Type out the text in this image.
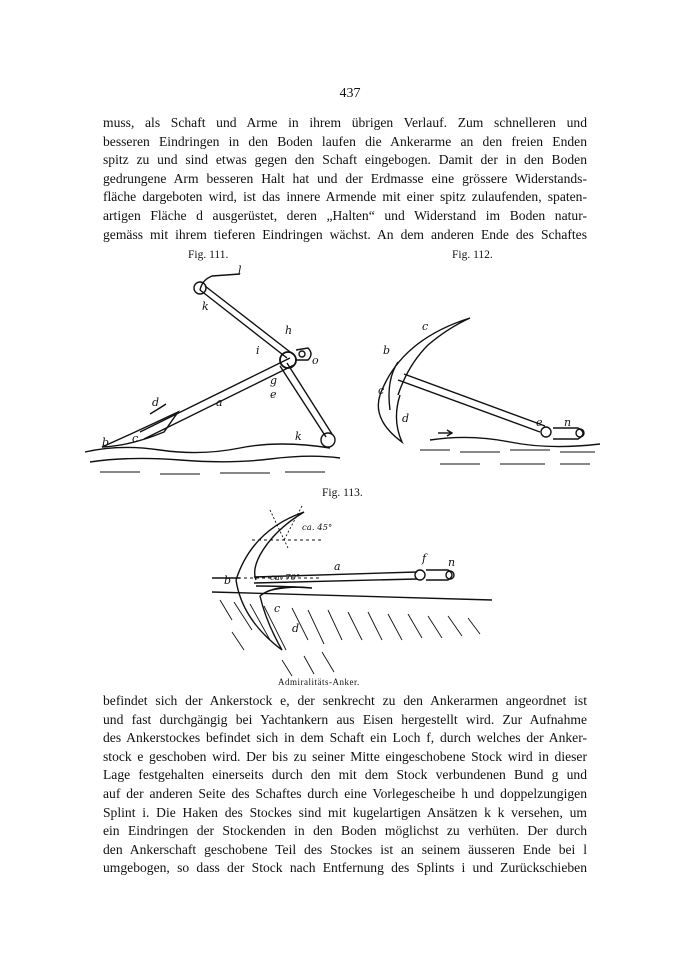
437
muss, als Schaft und Arme in ihrem übrigen Verlauf. Zum schnelleren und
besseren Eindringen in den Boden laufen die Ankerarme an den freien Enden
spitz zu und sind etwas gegen den Schaft eingebogen. Damit der in den Boden
gedrungene Arm besseren Halt hat und der Erdmasse eine grössere Widerstands-
fläche dargeboten wird, ist das innere Armende mit einer spitz zulaufenden, spaten-
artigen Fläche d ausgerüstet, deren „Halten“ und Widerstand im Boden natur-
gemäss mit ihrem tieferen Eindringen wächst. An dem anderen Ende des Schaftes
Fig. 111.
l
k
h
i
o
g
e
a
d
c
b	k
Fig. 112.
c
b
c
d	e n
Fig. 113.
ca. 45°
ca. 70°
a
f n
b
c
d
Admiralitäts-Anker.
befindet sich der Ankerstock e, der senkrecht zu den Ankerarmen angeordnet ist
und fast durchgängig bei Yachtankern aus Eisen hergestellt wird. Zur Aufnahme
des Ankerstockes befindet sich in dem Schaft ein Loch f, durch welches der Anker-
stock e geschoben wird. Der bis zu seiner Mitte eingeschobene Stock wird in dieser
Lage festgehalten einerseits durch den mit dem Stock verbundenen Bund g und
auf der anderen Seite des Schaftes durch eine Vorlegescheibe h und doppelzungigen
Splint i. Die Haken des Stockes sind mit kugelartigen Ansätzen k k versehen, um
ein Eindringen der Stockenden in den Boden möglichst zu verhüten. Der durch
den Ankerschaft geschobene Teil des Stockes ist an seinem äusseren Ende bei l
umgebogen, so dass der Stock nach Entfernung des Splints i und Zurückschieben
